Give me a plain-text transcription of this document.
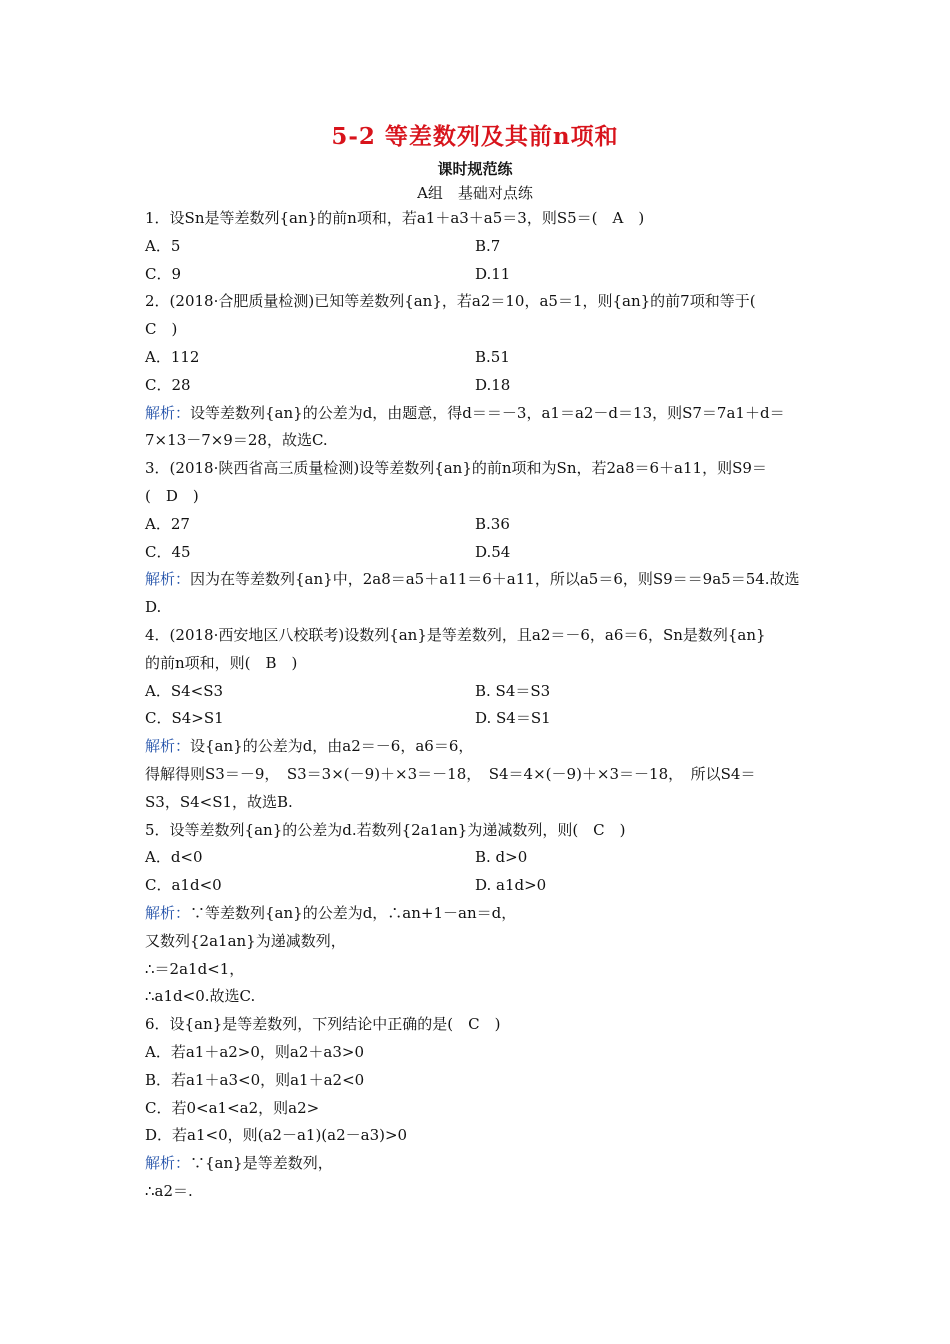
5-2 等差数列及其前n项和
课时规范练
A组　基础对点练
1．设Sn是等差数列{an}的前n项和，若a1＋a3＋a5＝3，则S5＝(　A　)
A．5	B.7
C．9	D.11
2．(2018·合肥质量检测)已知等差数列{an}，若a2＝10，a5＝1，则{an}的前7项和等于(
C　)
A．112	B.51
C．28	D.18
解析：设等差数列{an}的公差为d，由题意，得d＝＝－3，a1＝a2－d＝13，则S7＝7a1＋d＝
7×13－7×9＝28，故选C.
3．(2018·陕西省高三质量检测)设等差数列{an}的前n项和为Sn，若2a8＝6＋a11，则S9＝
(　D　)
A．27	B.36
C．45	D.54
解析：因为在等差数列{an}中，2a8＝a5＋a11＝6＋a11，所以a5＝6，则S9＝＝9a5＝54.故选
D.
4．(2018·西安地区八校联考)设数列{an}是等差数列，且a2＝－6，a6＝6，Sn是数列{an}
的前n项和，则(　B　)
A．S4<S3	B. S4＝S3
C．S4>S1	D. S4＝S1
解析：设{an}的公差为d，由a2＝－6，a6＝6，
得解得则S3＝－9，　S3＝3×(－9)＋×3＝－18，　S4＝4×(－9)＋×3＝－18，　所以S4＝
S3，S4<S1，故选B.
5．设等差数列{an}的公差为d.若数列{2a1an}为递减数列，则(　C　)
A．d<0	B. d>0
C．a1d<0	D. a1d>0
解析：∵等差数列{an}的公差为d，∴an+1－an＝d，
又数列{2a1an}为递减数列，
∴＝2a1d<1，
∴a1d<0.故选C.
6．设{an}是等差数列，下列结论中正确的是(　C　)
A．若a1＋a2>0，则a2＋a3>0
B．若a1＋a3<0，则a1＋a2<0
C．若0<a1<a2，则a2>
D．若a1<0，则(a2－a1)(a2－a3)>0
解析：∵{an}是等差数列，
∴a2＝.
